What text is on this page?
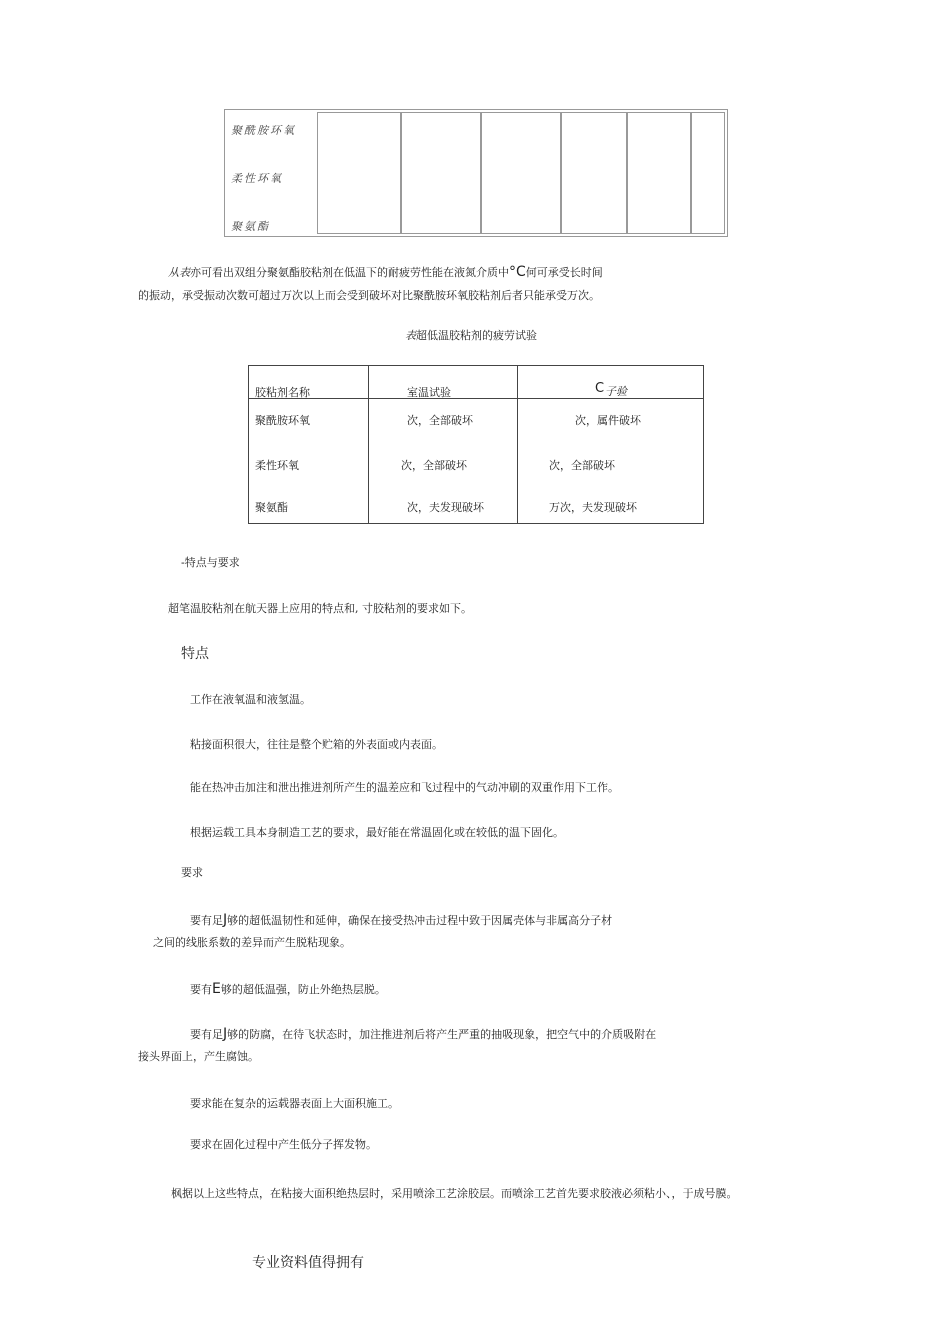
聚酰胺环氧
柔性环氧
聚氨酯
从表亦可看出双组分聚氨酯胶粘剂在低温下的耐疲劳性能在液氮介质中°C何可承受长时间
的振动，承受振动次数可超过万次以上而会受到破坏对比聚酰胺环氧胶粘剂后者只能承受万次。
表超低温胶粘剂的疲劳试验
胶粘剂名称	室温试验	C 子验
聚酰胺环氧	次，全部破坏	次，属件破坏
柔性环氧	次，全部破坏	次，全部破坏
聚氨酯	次，夫发现破坏	万次，夫发现破坏
-特点与要求
超笔温胶粘剂在航天器上应用的特点和, 寸胶粘剂的要求如下。
特点
工作在液氧温和液氢温。
粘接面积很大，往往是整个贮箱的外表面或内表面。
能在热冲击加注和泄出推进剂所产生的温差应和飞过程中的气动冲刷的双重作用下工作。
根据运载工具本身制造工艺的要求，最好能在常温固化或在较低的温下固化。
要求
要有足J够的超低温韧性和延伸，确保在接受热冲击过程中致于因属壳体与非属高分子材
之间的线胀系数的差异而产生脱粘现象。
要有E够的超低温强，防止外绝热层脱。
要有足J够的防腐，在待飞状态时，加注推进剂后将产生严重的抽吸现象，把空气中的介质吸附在
接头界面上，产生腐蚀。
要求能在复杂的运载器表面上大面积施工。
要求在固化过程中产生低分子挥发物。
枫据以上这些特点，在粘接大面积绝热层时，采用喷涂工艺涂胶层。而喷涂工艺首先要求胶液必须粘小、，于成号膜。
专业资料值得拥有
